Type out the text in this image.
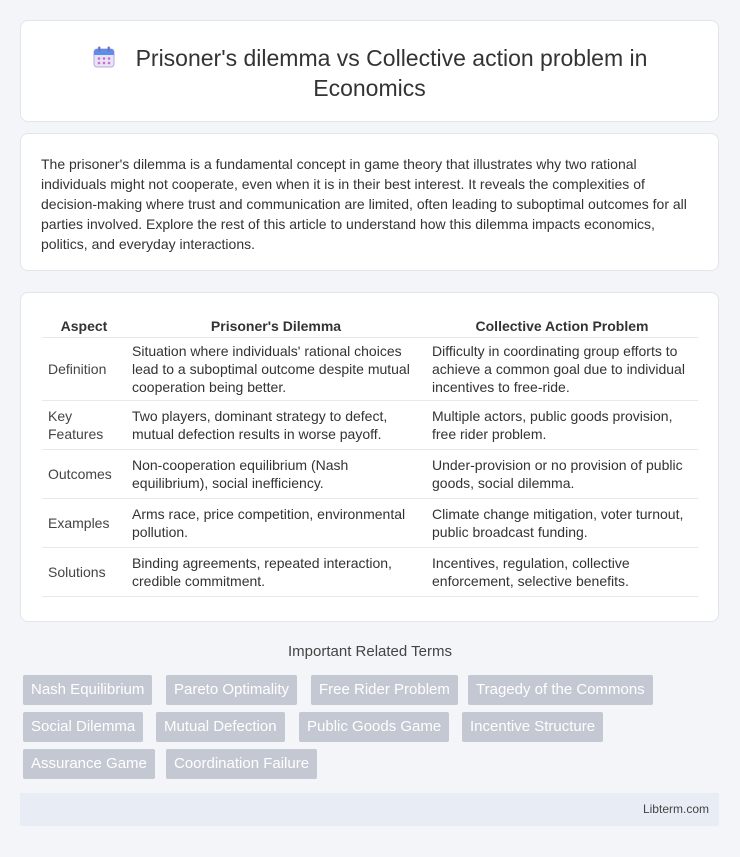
Prisoner's dilemma vs Collective action problem in Economics

The prisoner's dilemma is a fundamental concept in game theory that illustrates why two rational individuals might not cooperate, even when it is in their best interest. It reveals the complexities of decision-making where trust and communication are limited, often leading to suboptimal outcomes for all parties involved. Explore the rest of this article to understand how this dilemma impacts economics, politics, and everyday interactions.

Aspect	Prisoner's Dilemma	Collective Action Problem
Definition	Situation where individuals' rational choices lead to a suboptimal outcome despite mutual cooperation being better.	Difficulty in coordinating group efforts to achieve a common goal due to individual incentives to free-ride.
Key Features	Two players, dominant strategy to defect, mutual defection results in worse payoff.	Multiple actors, public goods provision, free rider problem.
Outcomes	Non-cooperation equilibrium (Nash equilibrium), social inefficiency.	Under-provision or no provision of public goods, social dilemma.
Examples	Arms race, price competition, environmental pollution.	Climate change mitigation, voter turnout, public broadcast funding.
Solutions	Binding agreements, repeated interaction, credible commitment.	Incentives, regulation, collective enforcement, selective benefits.
Important Related Terms
Nash Equilibrium	Pareto Optimality	Free Rider Problem	Tragedy of the Commons
Social Dilemma	Mutual Defection	Public Goods Game	Incentive Structure
Assurance Game	Coordination Failure
Libterm.com
